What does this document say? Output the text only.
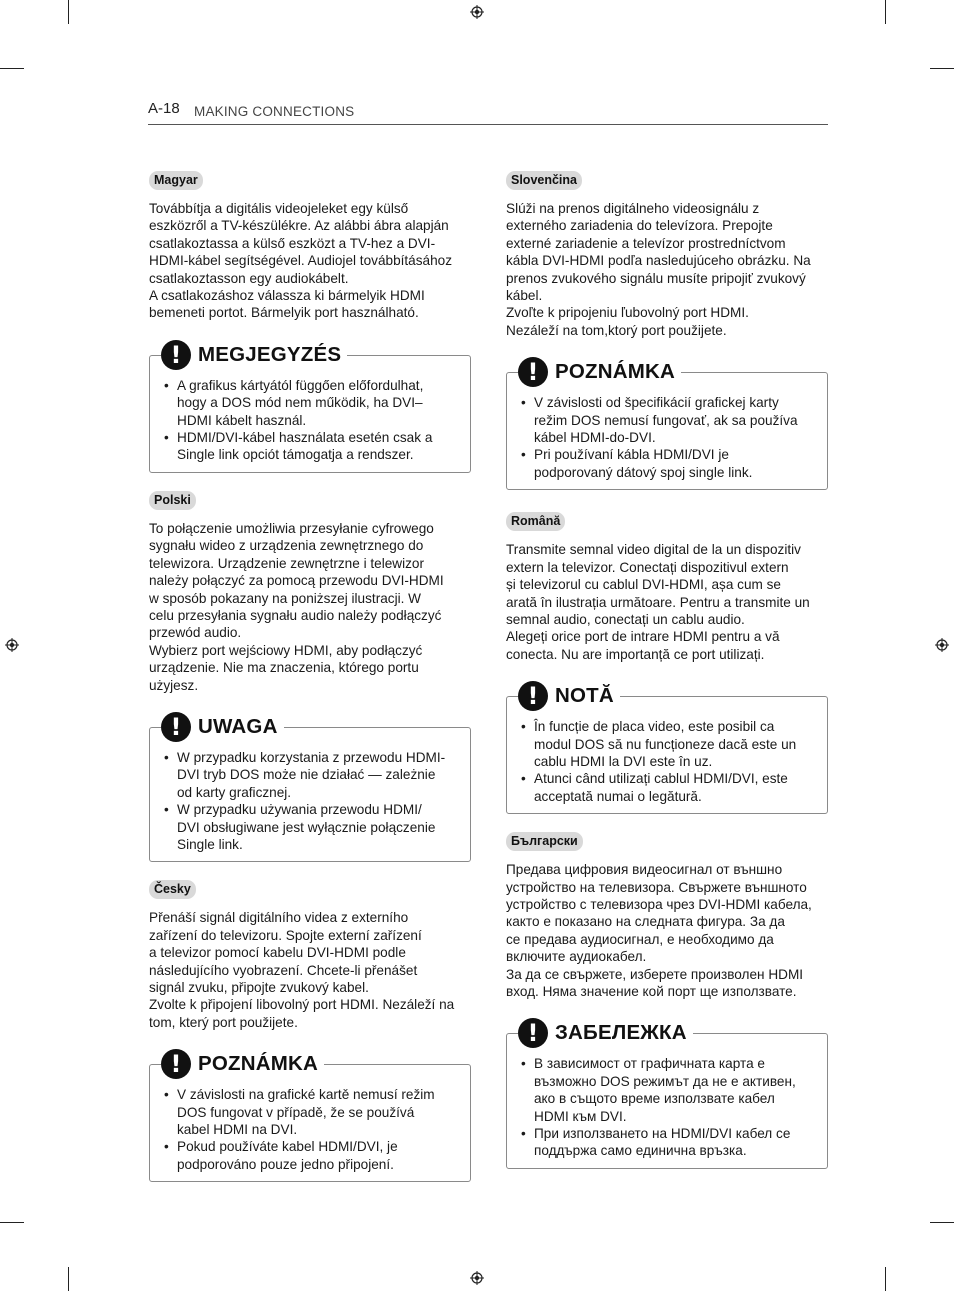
A-18 MAKING CONNECTIONS
Magyar

Továbbítja a digitális videojeleket egy külső
eszközről a TV-készülékre. Az alábbi ábra alapján
csatlakoztassa a külső eszközt a TV-hez a DVI-
HDMI-kábel segítségével. Audiojel továbbításához
csatlakoztasson egy audiokábelt.
A csatlakozáshoz válassza ki bármelyik HDMI
bemeneti portot. Bármelyik port használható.

! MEGJEGYZÉS
• A grafikus kártyától függően előfordulhat,
hogy a DOS mód nem működik, ha DVI–
HDMI kábelt használ.
• HDMI/DVI-kábel használata esetén csak a
Single link opciót támogatja a rendszer.
Polski

To połączenie umożliwia przesyłanie cyfrowego
sygnału wideo z urządzenia zewnętrznego do
telewizora. Urządzenie zewnętrzne i telewizor
należy połączyć za pomocą przewodu DVI-HDMI
w sposób pokazany na poniższej ilustracji. W
celu przesyłania sygnału audio należy podłączyć
przewód audio.
Wybierz port wejściowy HDMI, aby podłączyć
urządzenie. Nie ma znaczenia, którego portu
użyjesz.

! UWAGA
• W przypadku korzystania z przewodu HDMI-
DVI tryb DOS może nie działać — zależnie
od karty graficznej.
• W przypadku używania przewodu HDMI/
DVI obsługiwane jest wyłącznie połączenie
Single link.
Česky

Přenáší signál digitálního videa z externího
zařízení do televizoru. Spojte externí zařízení
a televizor pomocí kabelu DVI-HDMI podle
následujícího vyobrazení. Chcete-li přenášet
signál zvuku, připojte zvukový kabel.
Zvolte k připojení libovolný port HDMI. Nezáleží na
tom, který port použijete.

! POZNÁMKA
• V závislosti na grafické kartě nemusí režim
DOS fungovat v případě, že se používá
kabel HDMI na DVI.
• Pokud používáte kabel HDMI/DVI, je
podporováno pouze jedno připojení.
Slovenčina

Slúži na prenos digitálneho videosignálu z
externého zariadenia do televízora. Prepojte
externé zariadenie a televízor prostredníctvom
kábla DVI-HDMI podľa nasledujúceho obrázku. Na
prenos zvukového signálu musíte pripojiť zvukový
kábel.
Zvoľte k pripojeniu ľubovolný port HDMI.
Nezáleží na tom,ktorý port použijete.

! POZNÁMKA
• V závislosti od špecifikácií grafickej karty
režim DOS nemusí fungovať, ak sa používa
kábel HDMI-do-DVI.
• Pri používaní kábla HDMI/DVI je
podporovaný dátový spoj single link.
Română

Transmite semnal video digital de la un dispozitiv
extern la televizor. Conectați dispozitivul extern
și televizorul cu cablul DVI-HDMI, așa cum se
arată în ilustrația următoare. Pentru a transmite un
semnal audio, conectați un cablu audio.
Alegeți orice port de intrare HDMI pentru a vă
conecta. Nu are importanță ce port utilizați.

! NOTĂ
• În funcție de placa video, este posibil ca
modul DOS să nu funcționeze dacă este un
cablu HDMI la DVI este în uz.
• Atunci când utilizați cablul HDMI/DVI, este
acceptată numai o legătură.
Български

Предава цифровия видеосигнал от външно
устройство на телевизора. Свържете външното
устройство с телевизора чрез DVI-HDMI кабела,
както е показано на следната фигура. За да
се предава аудиосигнал, е необходимо да
включите аудиокабел.
За да се свържете, изберете произволен HDMI
вход. Няма значение кой порт ще използвате.

! ЗАБЕЛЕЖКА
• В зависимост от графичната карта е
възможно DOS режимът да не е активен,
ако в същото време използвате кабел
HDMI към DVI.
• При използването на HDMI/DVI кабел се
поддържа само единична връзка.
